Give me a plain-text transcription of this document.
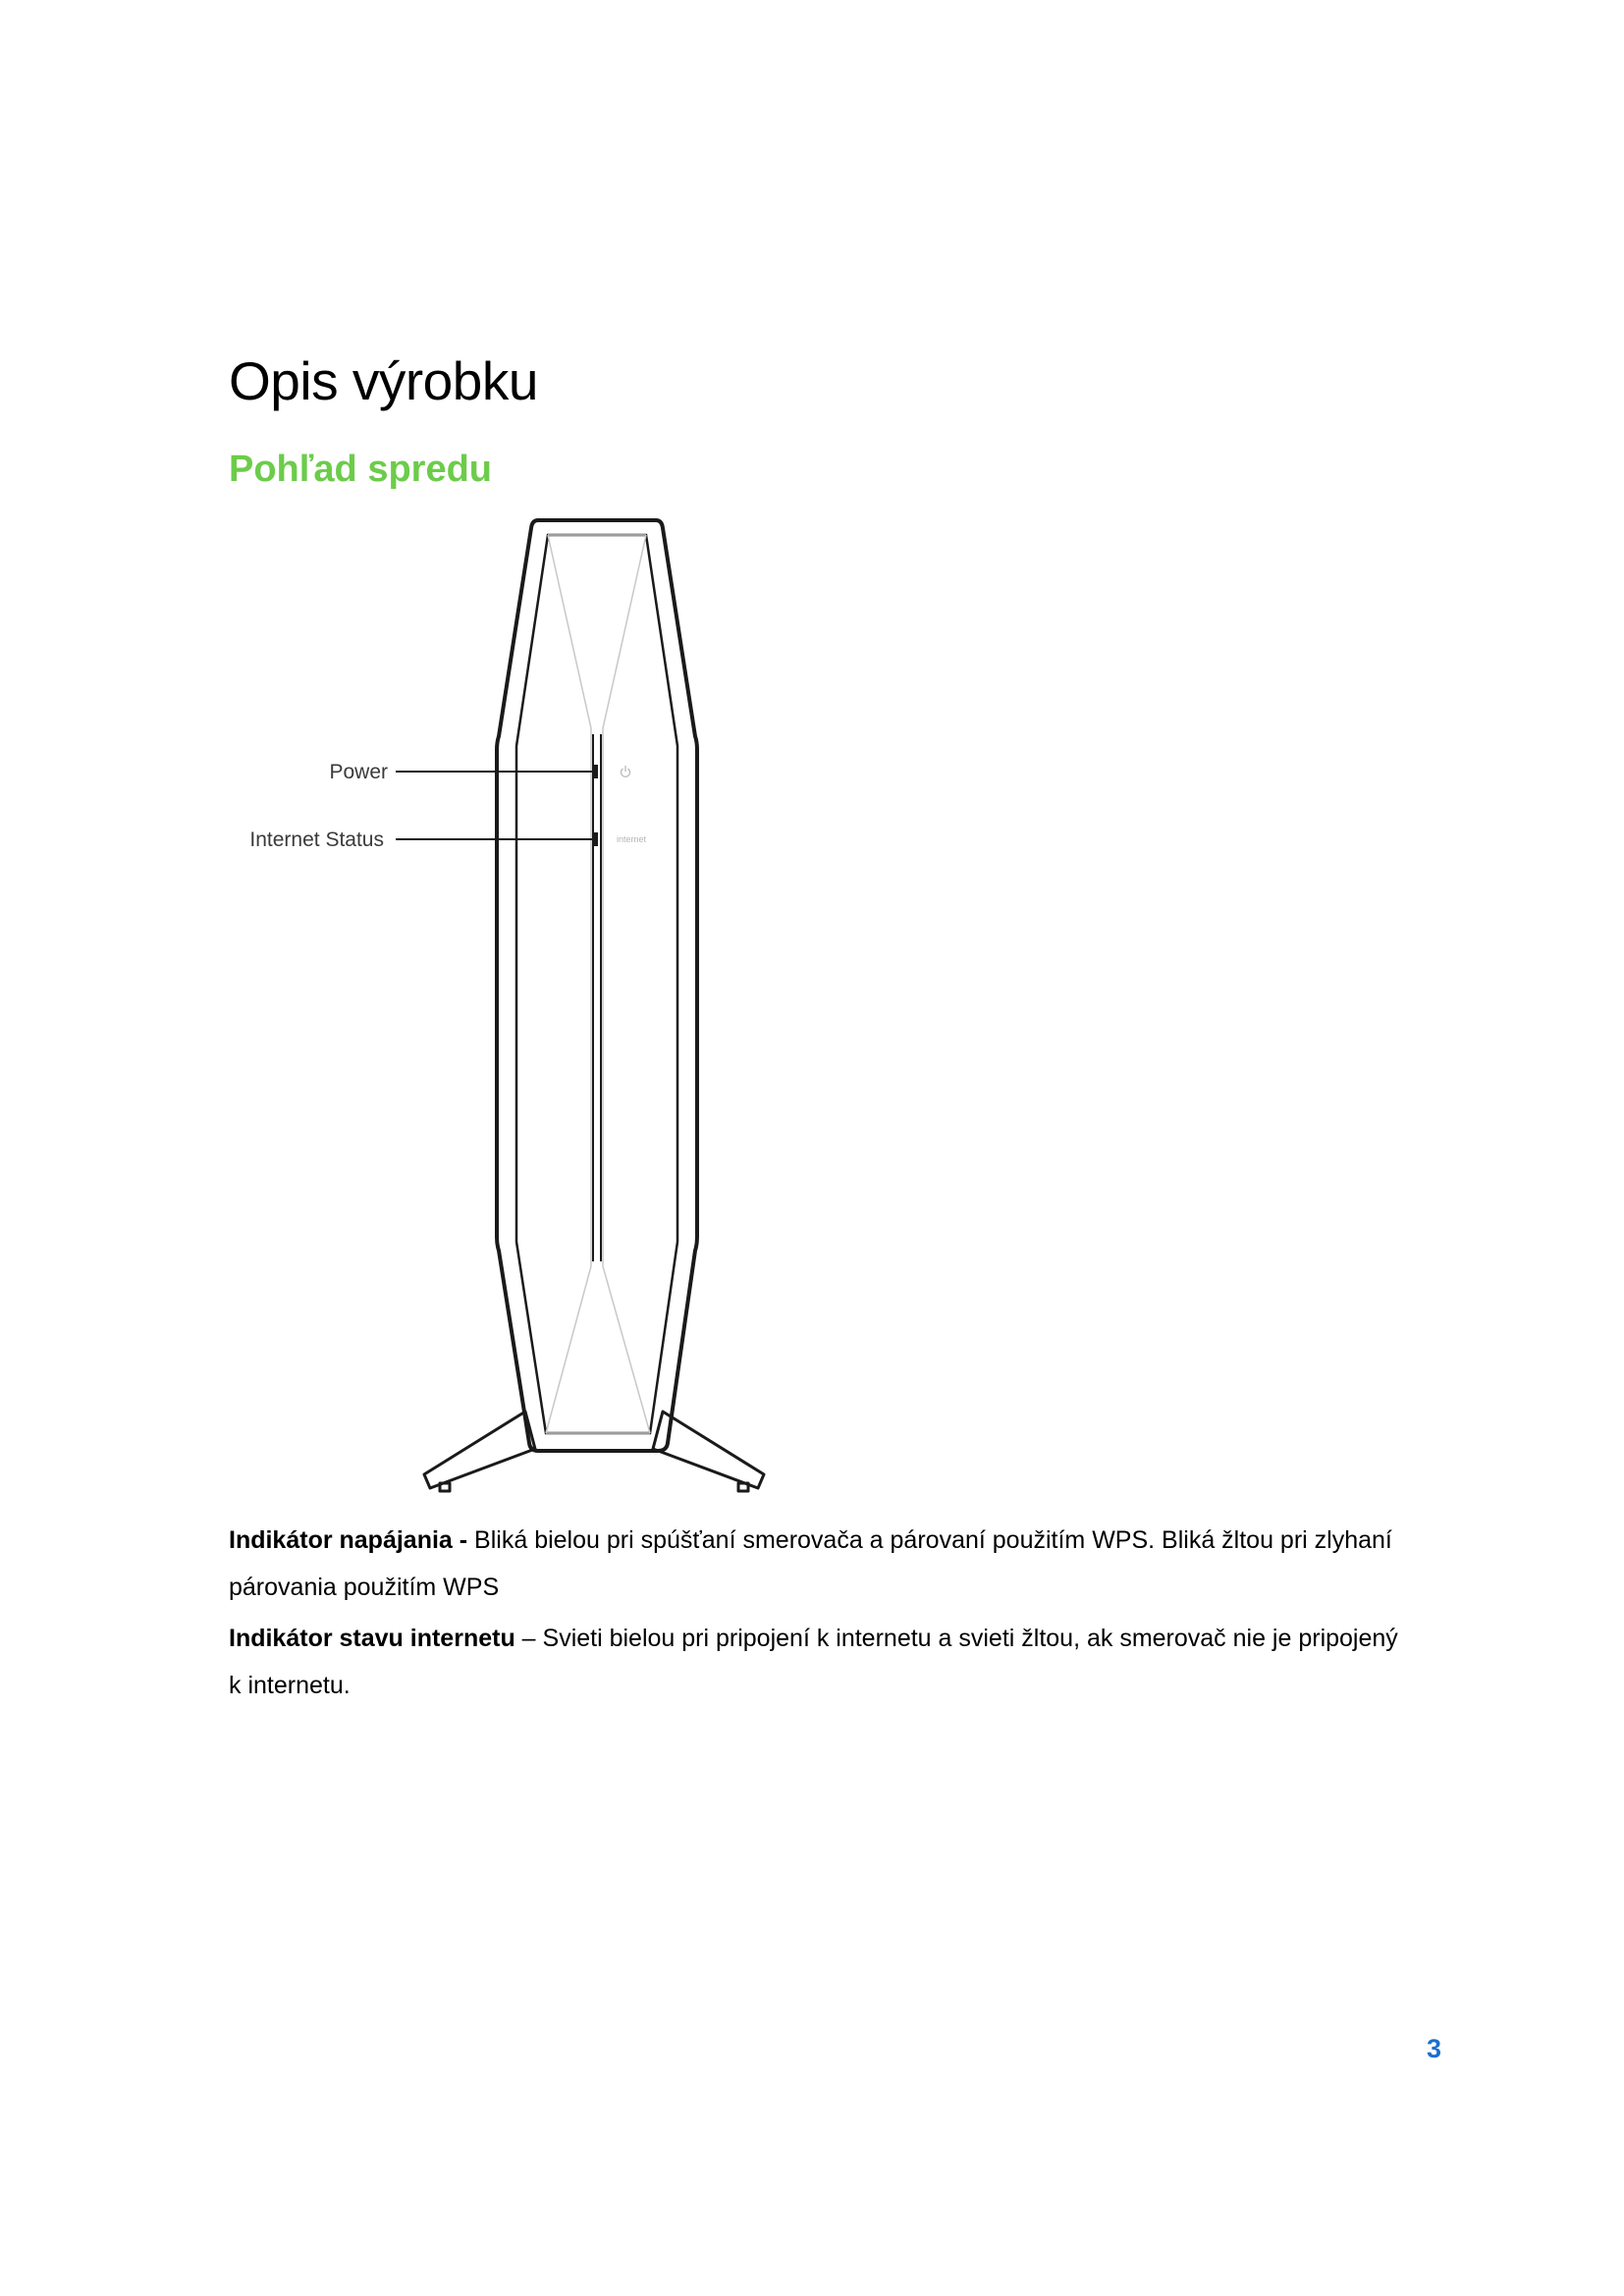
Opis výrobku
Pohľad spredu
internet
Power
Internet Status

Indikátor napájania - Bliká bielou pri spúšťaní smerovača a párovaní použitím WPS. Bliká žltou pri zlyhaní párovania použitím WPS

Indikátor stavu internetu – Svieti bielou pri pripojení k internetu a svieti žltou, ak smerovač nie je pripojený k internetu.

3
